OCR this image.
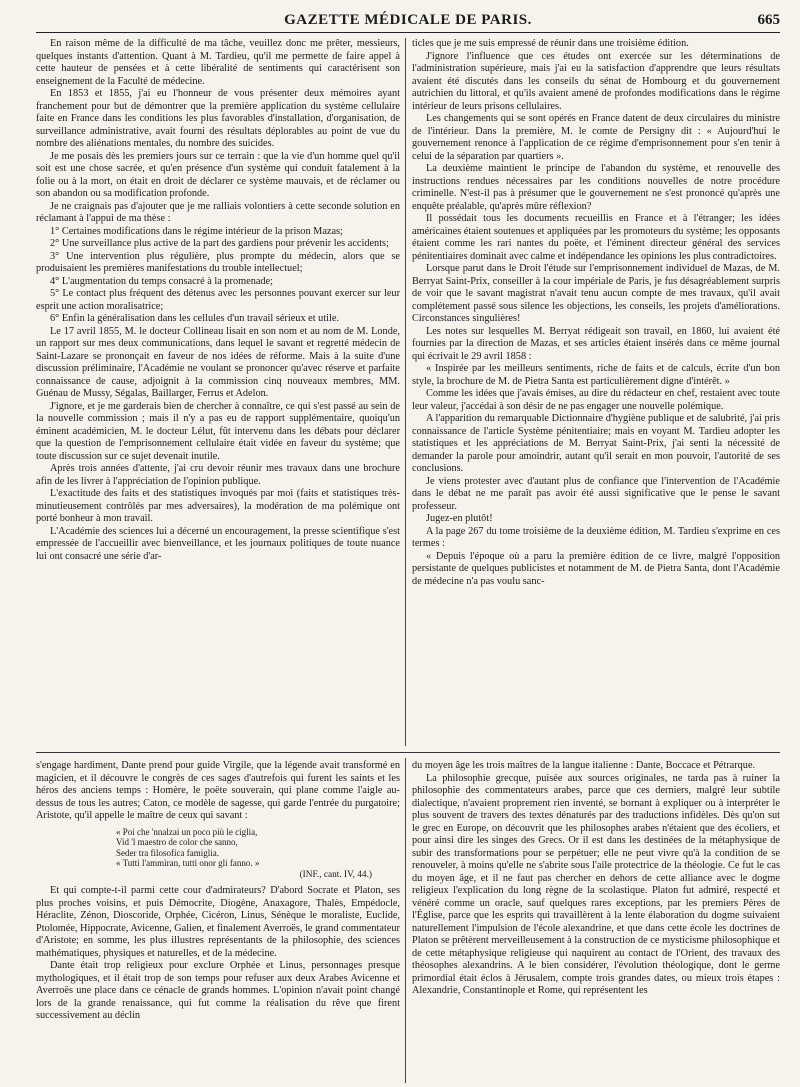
GAZETTE MÉDICALE DE PARIS.	665

En raison même de la difficulté de ma tâche, veuillez donc me prêter, messieurs, quelques instants d'attention. Quant à M. Tardieu, qu'il me permette de faire appel à cette hauteur de pensées et à cette libéralité de sentiments qui caractérisent son enseignement de la Faculté de médecine.

En 1853 et 1855, j'ai eu l'honneur de vous présenter deux mémoires ayant franchement pour but de démontrer que la première application du système cellulaire faite en France dans les conditions les plus favorables d'installation, d'organisation, de surveillance administrative, avait fourni des résultats déplorables au point de vue du nombre des aliénations mentales, du nombre des suicides.

Je me posais dès les premiers jours sur ce terrain : que la vie d'un homme quel qu'il soit est une chose sacrée, et qu'en présence d'un système qui conduit fatalement à la folie ou à la mort, on était en droit de déclarer ce système mauvais, et de réclamer ou son abandon ou sa modification profonde.

Je ne craignais pas d'ajouter que je me ralliais volontiers à cette seconde solution en réclamant à l'appui de ma thèse :

1° Certaines modifications dans le régime intérieur de la prison Mazas;

2° Une surveillance plus active de la part des gardiens pour prévenir les accidents;

3° Une intervention plus régulière, plus prompte du médecin, alors que se produisaient les premières manifestations du trouble intellectuel;

4° L'augmentation du temps consacré à la promenade;

5° Le contact plus fréquent des détenus avec les personnes pouvant exercer sur leur esprit une action moralisatrice;

6° Enfin la généralisation dans les cellules d'un travail sérieux et utile.

Le 17 avril 1855, M. le docteur Collineau lisait en son nom et au nom de M. Londe, un rapport sur mes deux communications, dans lequel le savant et regretté médecin de Saint-Lazare se prononçait en faveur de nos idées de réforme. Mais à la suite d'une discussion préliminaire, l'Académie ne voulant se prononcer qu'avec réserve et parfaite connaissance de cause, adjoignit à la commission cinq nouveaux membres, MM. Guénau de Mussy, Ségalas, Baillarger, Ferrus et Adelon.

J'ignore, et je me garderais bien de chercher à connaître, ce qui s'est passé au sein de la nouvelle commission ; mais il n'y a pas eu de rapport supplémentaire, quoiqu'un éminent académicien, M. le docteur Lélut, fût intervenu dans les débats pour déclarer que la question de l'emprisonnement cellulaire était vidée en faveur du système; que toute discussion sur ce sujet devenait inutile.

Après trois années d'attente, j'ai cru devoir réunir mes travaux dans une brochure afin de les livrer à l'appréciation de l'opinion publique.

L'exactitude des faits et des statistiques invoqués par moi (faits et statistiques très-minutieusement contrôlés par mes adversaires), la modération de ma polémique ont porté bonheur à mon travail.

L'Académie des sciences lui a décerné un encouragement, la presse scientifique s'est empressée de l'accueillir avec bienveillance, et les journaux politiques de toute nuance lui ont consacré une série d'ar-

ticles que je me suis empressé de réunir dans une troisième édition.

J'ignore l'influence que ces études ont exercée sur les déterminations de l'administration supérieure, mais j'ai eu la satisfaction d'apprendre que leurs résultats avaient été discutés dans les conseils du sénat de Hombourg et du gouvernement autrichien du littoral, et qu'ils avaient amené de profondes modifications dans le régime intérieur de leurs prisons cellulaires.

Les changements qui se sont opérés en France datent de deux circulaires du ministre de l'intérieur. Dans la première, M. le comte de Persigny dit : « Aujourd'hui le gouvernement renonce à l'application de ce régime d'emprisonnement pour s'en tenir à celui de la séparation par quartiers ».

La deuxième maintient le principe de l'abandon du système, et renouvelle des instructions rendues nécessaires par les conditions nouvelles de notre procédure criminelle. N'est-il pas à présumer que le gouvernement ne s'est prononcé qu'après une enquête préalable, qu'après mûre réflexion?

Il possédait tous les documents recueillis en France et à l'étranger; les idées américaines étaient soutenues et appliquées par les promoteurs du système; les opposants étaient comme les rari nantes du poëte, et l'éminent directeur général des services pénitentiaires dominait avec calme et indépendance les opinions les plus contradictoires.

Lorsque parut dans le Droit l'étude sur l'emprisonnement individuel de Mazas, de M. Berryat Saint-Prix, conseiller à la cour impériale de Paris, je fus désagréablement surpris de voir que le savant magistrat n'avait tenu aucun compte de mes travaux, qu'il avait complétement passé sous silence les objections, les conseils, les projets d'améliorations. Circonstances singulières!

Les notes sur lesquelles M. Berryat rédigeait son travail, en 1860, lui avaient été fournies par la direction de Mazas, et ses articles étaient insérés dans ce même journal qui écrivait le 29 avril 1858 :

« Inspirée par les meilleurs sentiments, riche de faits et de calculs, écrite d'un bon style, la brochure de M. de Pietra Santa est particulièrement digne d'intérêt. »

Comme les idées que j'avais émises, au dire du rédacteur en chef, restaient avec toute leur valeur, j'accédai à son désir de ne pas engager une nouvelle polémique.

A l'apparition du remarquable Dictionnaire d'hygiène publique et de salubrité, j'ai pris connaissance de l'article Système pénitentiaire; mais en voyant M. Tardieu adopter les statistiques et les appréciations de M. Berryat Saint-Prix, j'ai senti la nécessité de demander la parole pour amoindrir, autant qu'il serait en mon pouvoir, l'autorité de ses conclusions.

Je viens protester avec d'autant plus de confiance que l'intervention de l'Académie dans le débat ne me paraît pas avoir été aussi significative que le pense le savant professeur.

Jugez-en plutôt!

A la page 267 du tome troisième de la deuxième édition, M. Tardieu s'exprime en ces termes :

« Depuis l'époque où a paru la première édition de ce livre, malgré l'opposition persistante de quelques publicistes et notamment de M. de Pietra Santa, dont l'Académie de médecine n'a pas voulu sanc-

s'engage hardiment, Dante prend pour guide Virgile, que la légende avait transformé en magicien, et il découvre le congrès de ces sages d'autrefois qui furent les saints et les héros des anciens temps : Homère, le poëte souverain, qui plane comme l'aigle au-dessus de tous les autres; Caton, ce modèle de sagesse, qui garde l'entrée du purgatoire; Aristote, qu'il appelle le maître de ceux qui savant :

« Poi che 'nnalzai un poco più le ciglia,

Vid 'l maestro de color che sanno,

Seder tra filosofica famiglia.

« Tutti l'ammiran, tutti onor gli fanno. »

(INF., cant. IV, 44.)

Et qui compte-t-il parmi cette cour d'admirateurs? D'abord Socrate et Platon, ses plus proches voisins, et puis Démocrite, Diogène, Anaxagore, Thalès, Empédocle, Héraclite, Zénon, Dioscoride, Orphée, Cicéron, Linus, Sénèque le moraliste, Euclide, Ptolomée, Hippocrate, Avicenne, Galien, et finalement Averroës, le grand commentateur d'Aristote; en somme, les plus illustres représentants de la philosophie, des sciences mathématiques, physiques et naturelles, et de la médecine.

Dante était trop religieux pour exclure Orphée et Linus, personnages presque mythologiques, et il était trop de son temps pour refuser aux deux Arabes Avicenne et Averroës une place dans ce cénacle de grands hommes. L'opinion n'avait point changé lors de la grande renaissance, qui fut comme la réalisation du rêve que firent successivement au déclin

du moyen âge les trois maîtres de la langue italienne : Dante, Boccace et Pétrarque.

La philosophie grecque, puisée aux sources originales, ne tarda pas à ruiner la philosophie des commentateurs arabes, parce que ces derniers, malgré leur subtile dialectique, n'avaient proprement rien inventé, se bornant à expliquer ou à interpréter le plus souvent de travers des textes dénaturés par des traductions infidèles. Dès qu'on sut le grec en Europe, on découvrit que les philosophes arabes n'étaient que des écoliers, et pour ainsi dire les singes des Grecs. Or il est dans les destinées de la métaphysique de subir des transformations pour se perpétuer; elle ne peut vivre qu'à la condition de se renouveler, à moins qu'elle ne s'abrite sous l'aile protectrice de la théologie. Ce fut le cas du moyen âge, et il ne faut pas chercher en dehors de cette alliance avec le dogme religieux l'explication du long règne de la scolastique. Platon fut admiré, respecté et vénéré comme un oracle, sauf quelques rares exceptions, par les premiers Pères de l'Église, parce que les esprits qui travaillèrent à la lente élaboration du dogme suivaient naturellement l'impulsion de l'école alexandrine, et que dans cette école les doctrines de Platon se prêtèrent merveilleusement à la construction de ce mysticisme philosophique et de cette métaphysique religieuse qui naquirent au contact de l'Orient, des travaux des théosophes alexandrins. A le bien considérer, l'évolution théologique, dont le germe primordial était éclos à Jérusalem, compte trois grandes dates, ou mieux trois étapes : Alexandrie, Constantinople et Rome, qui représentent les
